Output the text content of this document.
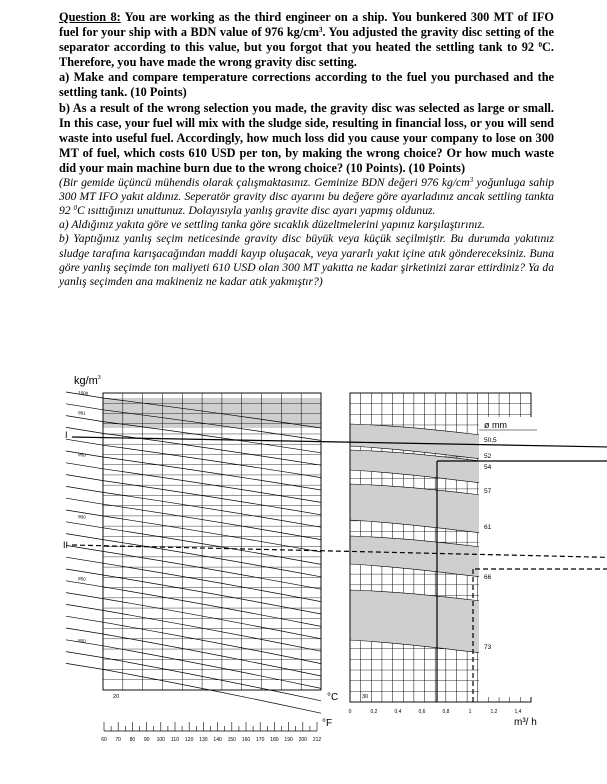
Question 8: You are working as the third engineer on a ship. You bunkered 300 MT of IFO fuel for your ship with a BDN value of 976 $kg/cm^3$. You adjusted the gravity disc setting of the separator according to this value, but you forgot that you heated the settling tank to 92 $^0$C. Therefore, you have made the wrong gravity disc setting.

a) Make and compare temperature corrections according to the fuel you purchased and the settling tank. (10 Points)

b) As a result of the wrong selection you made, the gravity disc was selected as large or small. In this case, your fuel will mix with the sludge side, resulting in financial loss, or you will send waste into useful fuel. Accordingly, how much loss did you cause your company to lose on 300 MT of fuel, which costs 610 USD per ton, by making the wrong choice? Or how much waste did your main machine burn due to the wrong choice? (10 Points). (10 Points)

(Bir gemide üçüncü mühendis olarak çalışmaktasınız. Geminize BDN değeri 976 $kg/cm^3$ yoğunluga sahip 300 MT IFO yakıt aldınız. Seperatör gravity disc ayarını bu değere göre ayarladınız ancak settling tankta 92 $^0$C ısıttığınızı unuttunuz. Dolayısıyla yanlış gravite disc ayarı yapmış oldunuz.

a) Aldığınız yakıta göre ve settling tanka göre sıcaklık düzeltmelerini yapınız karşılaştırınız.

b) Yaptığınız yanlış seçim neticesinde gravity disc büyük veya küçük seçilmiştir. Bu durumda yakıtınız sludge tarafına karışacağından maddi kayıp oluşacak, veya yararlı yakıt içine atık göndereceksiniz. Buna göre yanlış seçimde ton maliyeti 610 USD olan 300 MT yakıtta ne kadar şirketinizi zarar ettirdiniz? Ya da yanlış seçimden ana makineniz ne kadar atık yakmıştır?)

1000
991
950
900
850
800
20	30
60 70 80 90 100 110 120 130 140 150 160 170 180 190 200 212
ø mm
50,5
52
54
57
61
66
73
0	0,2	0,4	0,6	0,8	1	1,2	1,4
$kg/m^3$
°C
°F	m³/ h
I
II
